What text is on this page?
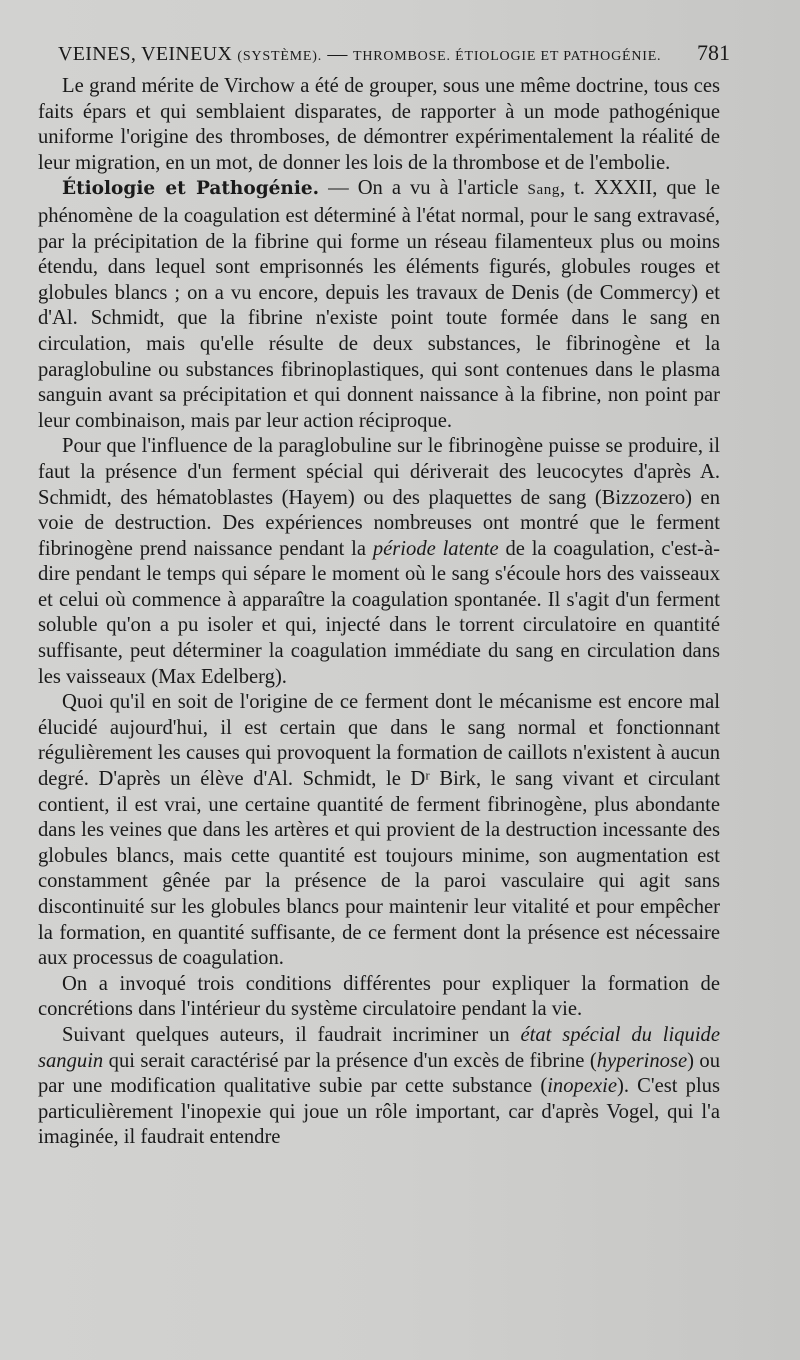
VEINES, VEINEUX (SYSTÈME). — THROMBOSE. ÉTIOLOGIE ET PATHOGÉNIE. 781

Le grand mérite de Virchow a été de grouper, sous une même doctrine, tous ces faits épars et qui semblaient disparates, de rapporter à un mode pathogénique uniforme l'origine des thromboses, de démontrer expérimentalement la réalité de leur migration, en un mot, de donner les lois de la thrombose et de l'embolie.

Étiologie et Pathogénie. — On a vu à l'article Sang, t. XXXII, que le phénomène de la coagulation est déterminé à l'état normal, pour le sang extravasé, par la précipitation de la fibrine qui forme un réseau filamenteux plus ou moins étendu, dans lequel sont emprisonnés les éléments figurés, globules rouges et globules blancs ; on a vu encore, depuis les travaux de Denis (de Commercy) et d'Al. Schmidt, que la fibrine n'existe point toute formée dans le sang en circulation, mais qu'elle résulte de deux substances, le fibrinogène et la paraglobuline ou substances fibrinoplastiques, qui sont contenues dans le plasma sanguin avant sa précipitation et qui donnent naissance à la fibrine, non point par leur combinaison, mais par leur action réciproque.

Pour que l'influence de la paraglobuline sur le fibrinogène puisse se produire, il faut la présence d'un ferment spécial qui dériverait des leucocytes d'après A. Schmidt, des hématoblastes (Hayem) ou des plaquettes de sang (Bizzozero) en voie de destruction. Des expériences nombreuses ont montré que le ferment fibrinogène prend naissance pendant la période latente de la coagulation, c'est-à-dire pendant le temps qui sépare le moment où le sang s'écoule hors des vaisseaux et celui où commence à apparaître la coagulation spontanée. Il s'agit d'un ferment soluble qu'on a pu isoler et qui, injecté dans le torrent circulatoire en quantité suffisante, peut déterminer la coagulation immédiate du sang en circulation dans les vaisseaux (Max Edelberg).

Quoi qu'il en soit de l'origine de ce ferment dont le mécanisme est encore mal élucidé aujourd'hui, il est certain que dans le sang normal et fonctionnant régulièrement les causes qui provoquent la formation de caillots n'existent à aucun degré. D'après un élève d'Al. Schmidt, le Dʳ Birk, le sang vivant et circulant contient, il est vrai, une certaine quantité de ferment fibrinogène, plus abondante dans les veines que dans les artères et qui provient de la destruction incessante des globules blancs, mais cette quantité est toujours minime, son augmentation est constamment gênée par la présence de la paroi vasculaire qui agit sans discontinuité sur les globules blancs pour maintenir leur vitalité et pour empêcher la formation, en quantité suffisante, de ce ferment dont la présence est nécessaire aux processus de coagulation.

On a invoqué trois conditions différentes pour expliquer la formation de concrétions dans l'intérieur du système circulatoire pendant la vie.

Suivant quelques auteurs, il faudrait incriminer un état spécial du liquide sanguin qui serait caractérisé par la présence d'un excès de fibrine (hyperinose) ou par une modification qualitative subie par cette substance (inopexie). C'est plus particulièrement l'inopexie qui joue un rôle important, car d'après Vogel, qui l'a imaginée, il faudrait entendre
